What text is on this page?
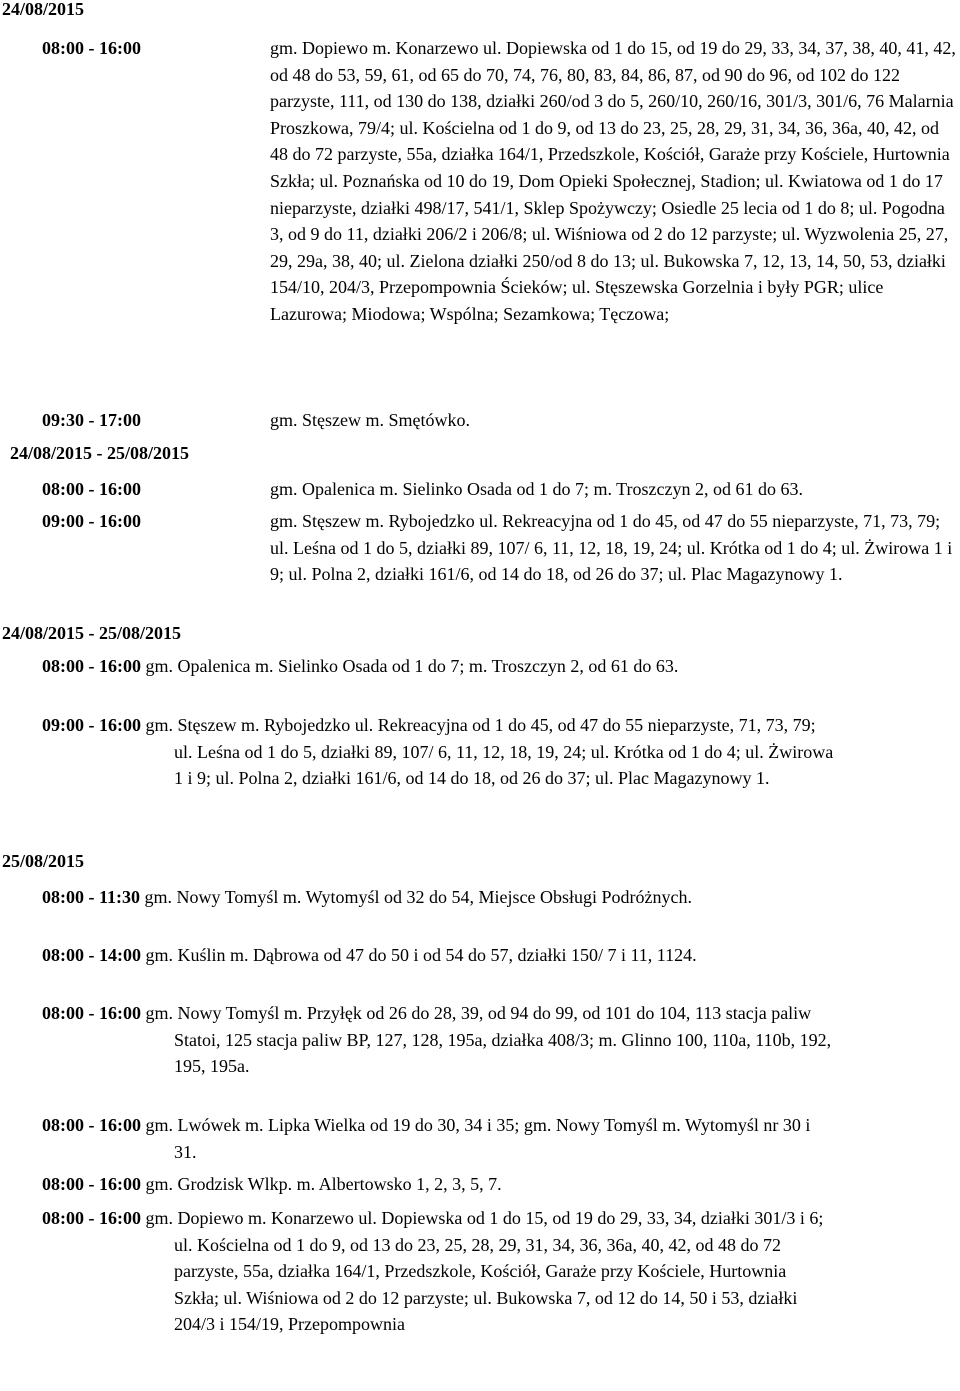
24/08/2015
08:00 - 16:00	gm. Dopiewo m. Konarzewo ul. Dopiewska od 1 do 15, od 19 do 29, 33, 34, 37, 38, 40, 41, 42, od 48 do 53, 59, 61, od 65 do 70, 74, 76, 80, 83, 84, 86, 87, od 90 do 96, od 102 do 122 parzyste, 111, od 130 do 138, działki 260/od 3 do 5, 260/10, 260/16, 301/3, 301/6, 76 Malarnia Proszkowa, 79/4; ul. Kościelna od 1 do 9, od 13 do 23, 25, 28, 29, 31, 34, 36, 36a, 40, 42, od 48 do 72 parzyste, 55a, działka 164/1, Przedszkole, Kościół, Garaże przy Kościele, Hurtownia Szkła; ul. Poznańska od 10 do 19, Dom Opieki Społecznej, Stadion; ul. Kwiatowa od 1 do 17 nieparzyste, działki 498/17, 541/1, Sklep Spożywczy; Osiedle 25 lecia od 1 do 8; ul. Pogodna 3, od 9 do 11, działki 206/2 i 206/8; ul. Wiśniowa od 2 do 12 parzyste; ul. Wyzwolenia 25, 27, 29, 29a, 38, 40; ul. Zielona działki 250/od 8 do 13; ul. Bukowska 7, 12, 13, 14, 50, 53, działki 154/10, 204/3, Przepompownia Ścieków; ul. Stęszewska Gorzelnia i były PGR; ulice Lazurowa; Miodowa; Wspólna; Sezamkowa; Tęczowa;
09:30 - 17:00	gm. Stęszew m. Smętówko.
24/08/2015 - 25/08/2015
08:00 - 16:00	gm. Opalenica m. Sielinko Osada od 1 do 7; m. Troszczyn 2, od 61 do 63.
09:00 - 16:00	gm. Stęszew m. Rybojedzko ul. Rekreacyjna od 1 do 45, od 47 do 55 nieparzyste, 71, 73, 79; ul. Leśna od 1 do 5, działki 89, 107/ 6, 11, 12, 18, 19, 24; ul. Krótka od 1 do 4; ul. Żwirowa 1 i 9; ul. Polna 2, działki 161/6, od 14 do 18, od 26 do 37; ul. Plac Magazynowy 1.
24/08/2015 - 25/08/2015
08:00 - 16:00 gm. Opalenica m. Sielinko Osada od 1 do 7; m. Troszczyn 2, od 61 do 63.
09:00 - 16:00 gm. Stęszew m. Rybojedzko ul. Rekreacyjna od 1 do 45, od 47 do 55 nieparzyste, 71, 73, 79; ul. Leśna od 1 do 5, działki 89, 107/ 6, 11, 12, 18, 19, 24; ul. Krótka od 1 do 4; ul. Żwirowa 1 i 9; ul. Polna 2, działki 161/6, od 14 do 18, od 26 do 37; ul. Plac Magazynowy 1.
25/08/2015
08:00 - 11:30 gm. Nowy Tomyśl m. Wytomyśl od 32 do 54, Miejsce Obsługi Podróżnych.
08:00 - 14:00 gm. Kuślin m. Dąbrowa od 47 do 50 i od 54 do 57, działki 150/ 7 i 11, 1124.
08:00 - 16:00 gm. Nowy Tomyśl m. Przyłęk od 26 do 28, 39, od 94 do 99, od 101 do 104, 113 stacja paliw Statoi, 125 stacja paliw BP, 127, 128, 195a, działka 408/3; m. Glinno 100, 110a, 110b, 192, 195, 195a.
08:00 - 16:00 gm. Lwówek m. Lipka Wielka od 19 do 30, 34 i 35; gm. Nowy Tomyśl m. Wytomyśl nr 30 i 31.
08:00 - 16:00 gm. Grodzisk Wlkp. m. Albertowsko 1, 2, 3, 5, 7.
08:00 - 16:00 gm. Dopiewo m. Konarzewo ul. Dopiewska od 1 do 15, od 19 do 29, 33, 34, działki 301/3 i 6; ul. Kościelna od 1 do 9, od 13 do 23, 25, 28, 29, 31, 34, 36, 36a, 40, 42, od 48 do 72 parzyste, 55a, działka 164/1, Przedszkole, Kościół, Garaże przy Kościele, Hurtownia Szkła; ul. Wiśniowa od 2 do 12 parzyste; ul. Bukowska 7, od 12 do 14, 50 i 53, działki 204/3 i 154/19, Przepompownia
